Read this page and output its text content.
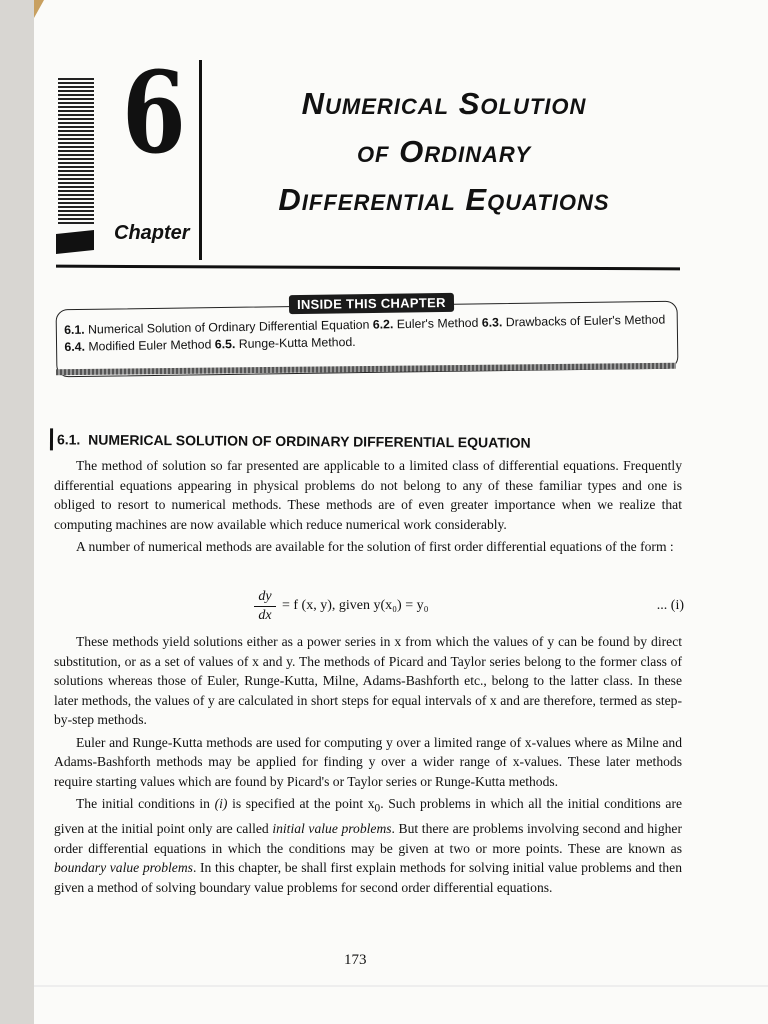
6
Chapter
Numerical Solution
of Ordinary
Differential Equations
INSIDE THIS CHAPTER
6.1. Numerical Solution of Ordinary Differential Equation 6.2. Euler's Method 6.3. Drawbacks of Euler's Method 6.4. Modified Euler Method 6.5. Runge-Kutta Method.
6.1. NUMERICAL SOLUTION OF ORDINARY DIFFERENTIAL EQUATION

The method of solution so far presented are applicable to a limited class of differential equations. Frequently differential equations appearing in physical problems do not belong to any of these familiar types and one is obliged to resort to numerical methods. These methods are of even greater importance when we realize that computing machines are now available which reduce numerical work considerably.

A number of numerical methods are available for the solution of first order differential equations of the form :

$\frac{dy}{dx} = f$ (x, y), given y(x₀) = y₀	... (i)

These methods yield solutions either as a power series in x from which the values of y can be found by direct substitution, or as a set of values of x and y. The methods of Picard and Taylor series belong to the former class of solutions whereas those of Euler, Runge-Kutta, Milne, Adams-Bashforth etc., belong to the latter class. In these later methods, the values of y are calculated in short steps for equal intervals of x and are therefore, termed as step-by-step methods.

Euler and Runge-Kutta methods are used for computing y over a limited range of x-values where as Milne and Adams-Bashforth methods may be applied for finding y over a wider range of x-values. These later methods require starting values which are found by Picard's or Taylor series or Runge-Kutta methods.

The initial conditions in (i) is specified at the point $x_0$. Such problems in which all the initial conditions are given at the initial point only are called initial value problems. But there are problems involving second and higher order differential equations in which the conditions may be given at two or more points. These are known as boundary value problems. In this chapter, be shall first explain methods for solving initial value problems and then given a method of solving boundary value problems for second order differential equations.

173
